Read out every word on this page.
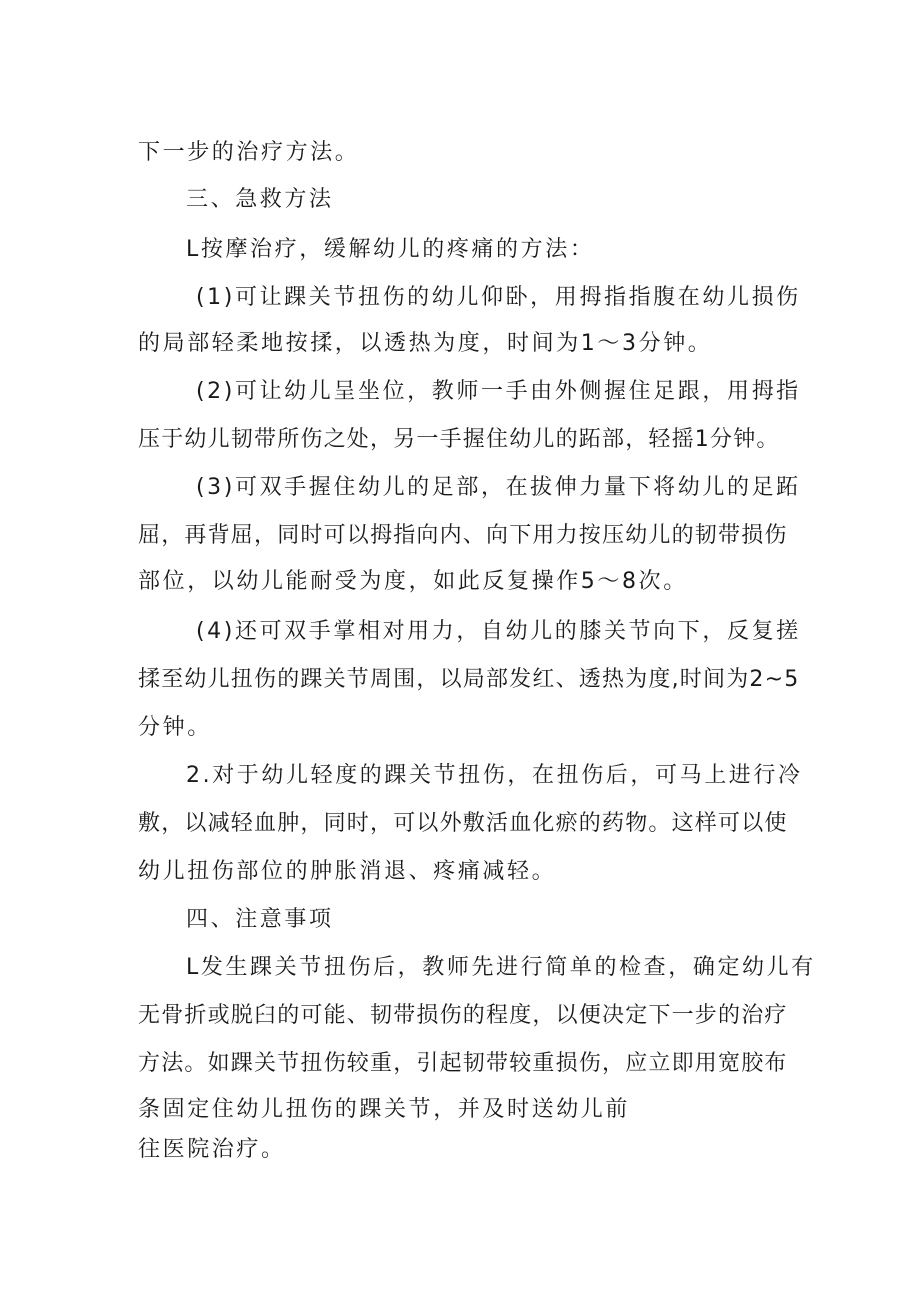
下一步的治疗方法。
三、急救方法
L按摩治疗，缓解幼儿的疼痛的方法：
(1)可让踝关节扭伤的幼儿仰卧，用拇指指腹在幼儿损伤
的局部轻柔地按揉，以透热为度，时间为1〜3分钟。
(2)可让幼儿呈坐位，教师一手由外侧握住足跟，用拇指
压于幼儿韧带所伤之处，另一手握住幼儿的跖部，轻摇1分钟。
(3)可双手握住幼儿的足部，在拔伸力量下将幼儿的足跖
屈，再背屈，同时可以拇指向内、向下用力按压幼儿的韧带损伤
部位，以幼儿能耐受为度，如此反复操作5〜8次。
(4)还可双手掌相对用力，自幼儿的膝关节向下，反复搓
揉至幼儿扭伤的踝关节周围，以局部发红、透热为度,时间为2~5
分钟。
2.对于幼儿轻度的踝关节扭伤，在扭伤后，可马上进行冷
敷，以减轻血肿，同时，可以外敷活血化瘀的药物。这样可以使
幼儿扭伤部位的肿胀消退、疼痛减轻。
四、注意事项
L发生踝关节扭伤后，教师先进行简单的检查，确定幼儿有
无骨折或脱臼的可能、韧带损伤的程度，以便决定下一步的治疗
方法。如踝关节扭伤较重，引起韧带较重损伤，应立即用宽胶布
条固定住幼儿扭伤的踝关节，并及时送幼儿前
往医院治疗。
